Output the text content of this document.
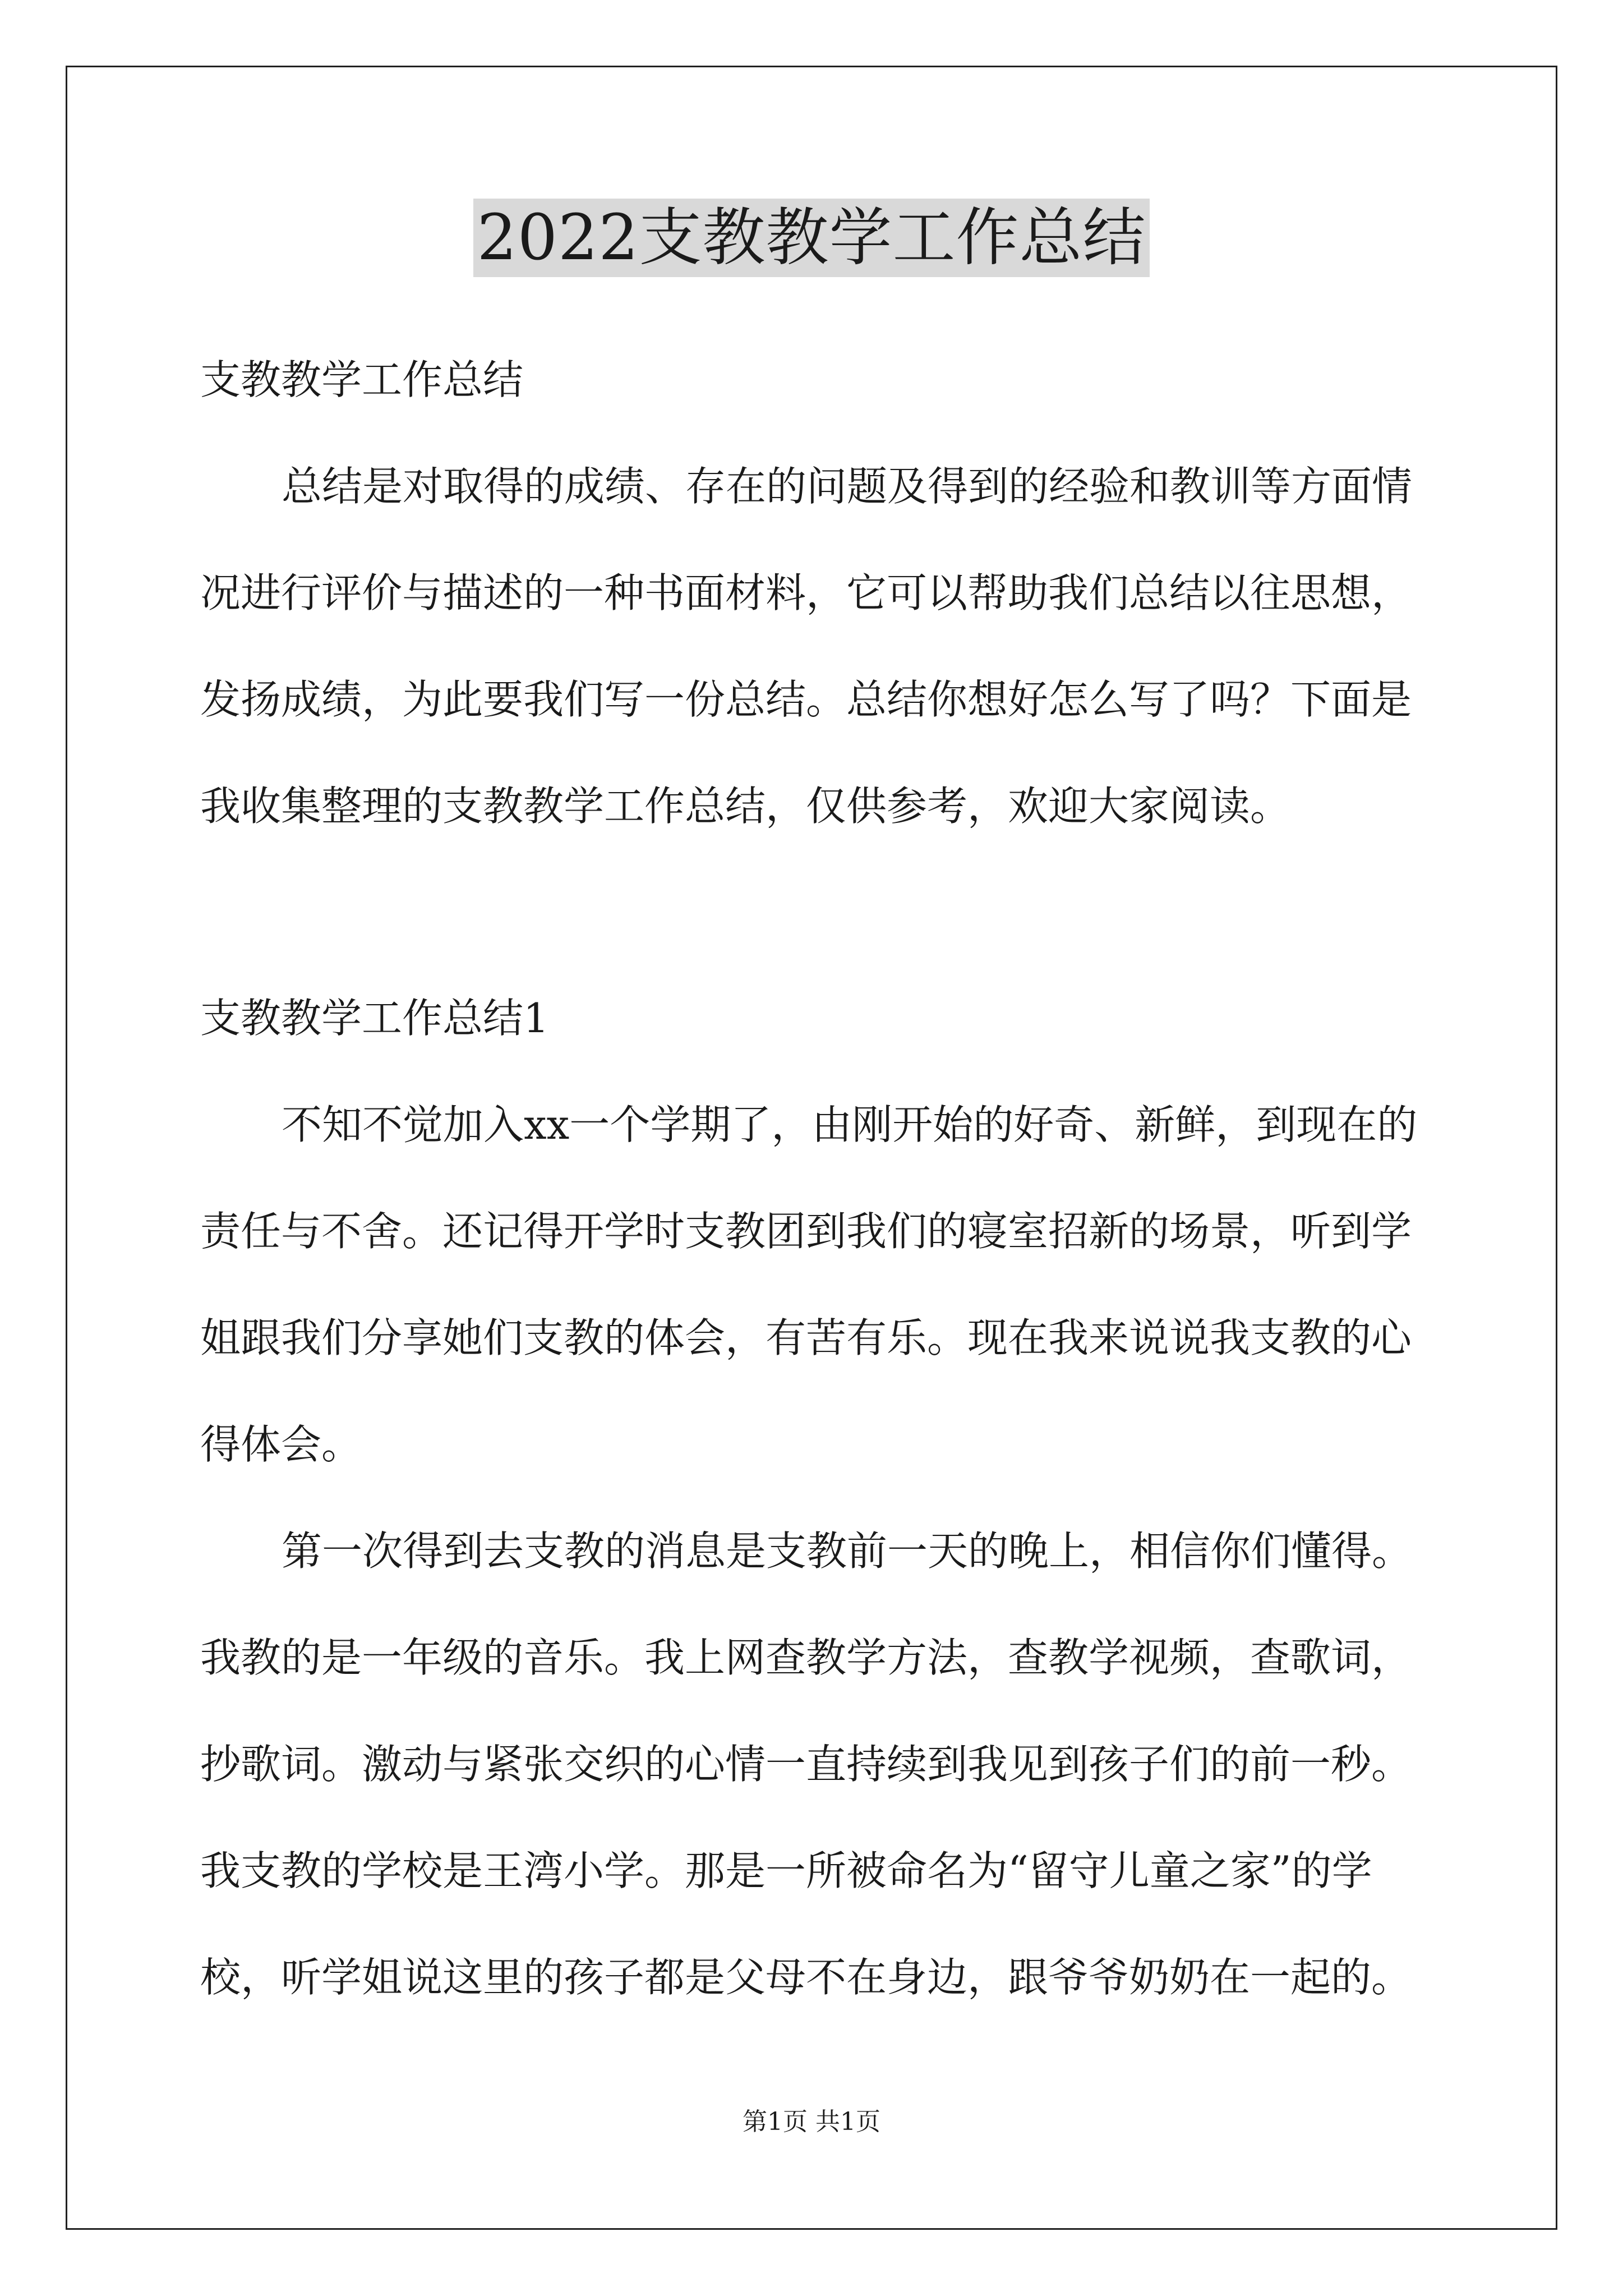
2022支教教学工作总结
支教教学工作总结
总结是对取得的成绩、存在的问题及得到的经验和教训等方面情
况进行评价与描述的一种书面材料，它可以帮助我们总结以往思想，
发扬成绩，为此要我们写一份总结。总结你想好怎么写了吗？下面是
我收集整理的支教教学工作总结，仅供参考，欢迎大家阅读。
支教教学工作总结1
不知不觉加入xx一个学期了，由刚开始的好奇、新鲜，到现在的
责任与不舍。还记得开学时支教团到我们的寝室招新的场景，听到学
姐跟我们分享她们支教的体会，有苦有乐。现在我来说说我支教的心
得体会。
第一次得到去支教的消息是支教前一天的晚上，相信你们懂得。
我教的是一年级的音乐。我上网查教学方法，查教学视频，查歌词，
抄歌词。激动与紧张交织的心情一直持续到我见到孩子们的前一秒。
我支教的学校是王湾小学。那是一所被命名为“留守儿童之家”的学
校，听学姐说这里的孩子都是父母不在身边，跟爷爷奶奶在一起的。
第1页 共1页
